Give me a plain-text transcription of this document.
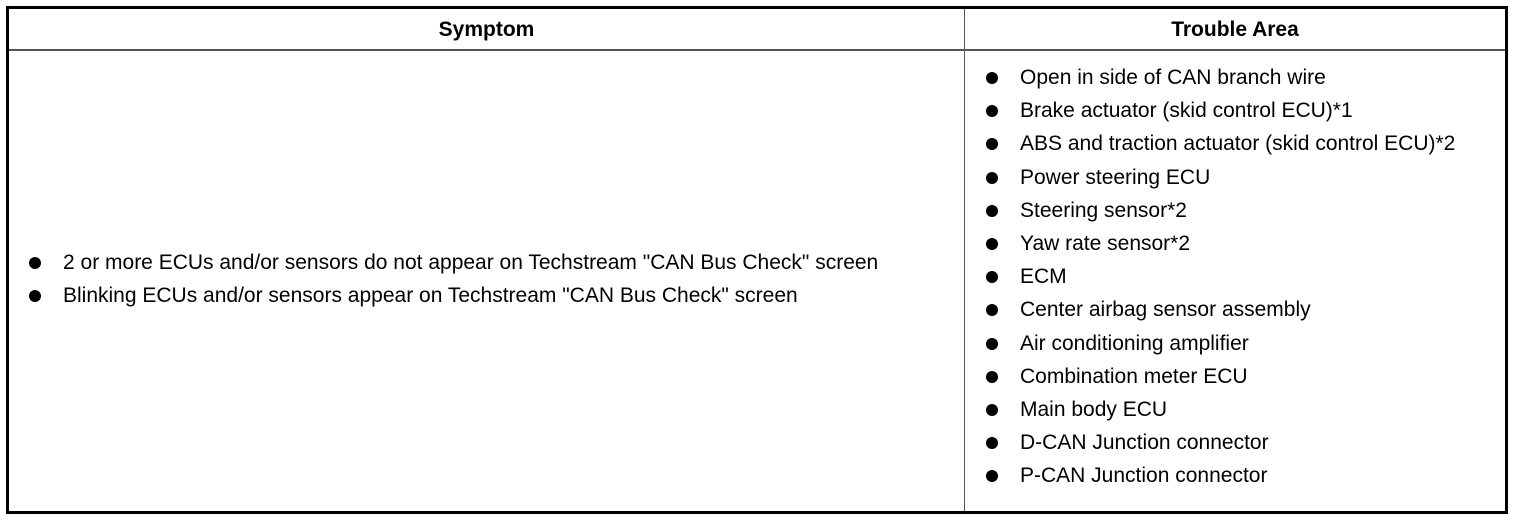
Symptom	Trouble Area
2 or more ECUs and/or sensors do not appear on Techstream "CAN Bus Check" screen
Blinking ECUs and/or sensors appear on Techstream "CAN Bus Check" screen
Open in side of CAN branch wire
Brake actuator (skid control ECU)*1
ABS and traction actuator (skid control ECU)*2
Power steering ECU
Steering sensor*2
Yaw rate sensor*2
ECM
Center airbag sensor assembly
Air conditioning amplifier
Combination meter ECU
Main body ECU
D-CAN Junction connector
P-CAN Junction connector
